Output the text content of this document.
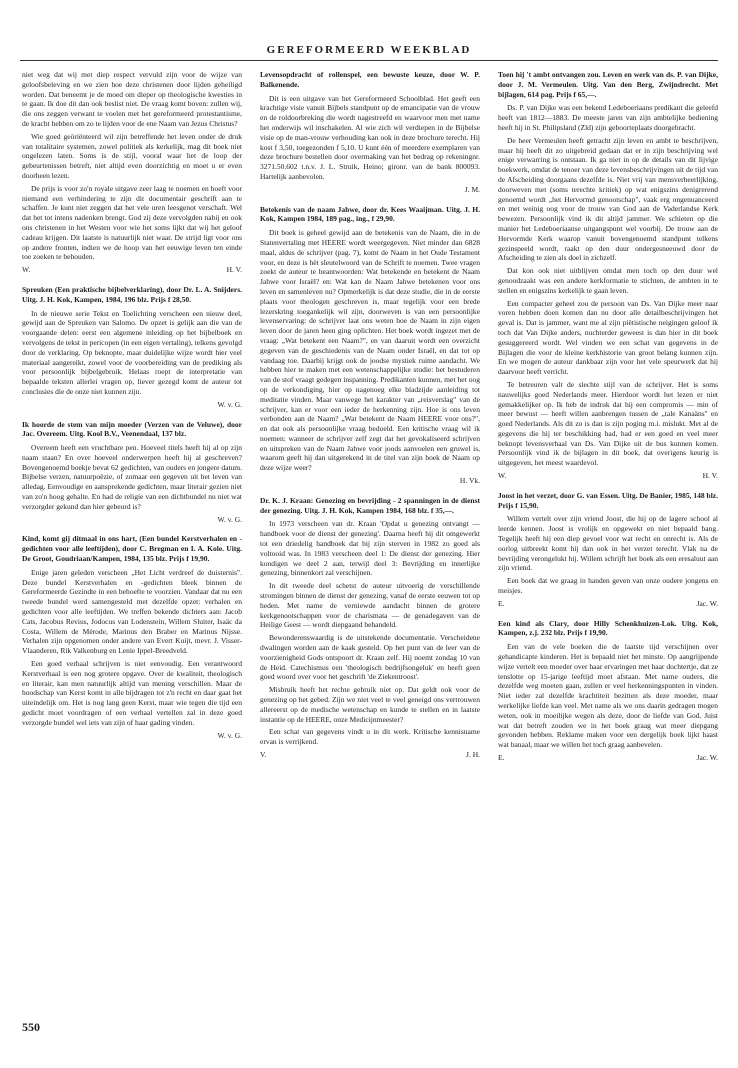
GEREFORMEERD WEEKBLAD

niet weg dat wij met diep respect vervuld zijn voor de wijze van geloofsbeleving en we zien hoe deze christenen door lijden geheiligd worden. Dat beneemt je de moed om dieper op theologische kwesties in te gaan. Ik doe dit dan ook beslist niet. De vraag komt boven: zullen wij, die ons zeggen verwant te voelen met het gereformeerd protestantisme, de kracht hebben om zo te lijden voor de ene Naam van Jezus Christus?

Wie goed geöriënteerd wil zijn betreffende het leven onder de druk van totalitaire systemen, zowel politiek als kerkelijk, mag dit boek niet ongelezen laten. Soms is de stijl, vooral waar het de loop der gebeurtenissen betreft, niet altijd even doorzichtig en moet u er even doorheen lezen.

De prijs is voor zo'n royale uitgave zeer laag te noemen en hoeft voor niemand een verhindering te zijn dit documentair geschrift aan te schaffen. Je kunt niet zeggen dat het vele uren leesgenot verschaft. Wel dat het tot intens nadenken brengt. God zij deze vervolgden nabij en ook ons christenen in het Westen voor wie het soms lijkt dat wij het geloof cadeau krijgen. Dit laatste is natuurlijk niet waar. De strijd ligt voor ons op andere fronten, indien we de hoop van het eeuwige leven ten einde toe zoeken te behouden.

W.	H. V.

Spreuken (Een praktische bijbelverklaring), door Dr. L. A. Snijders. Uitg. J. H. Kok, Kampen, 1984, 196 blz. Prijs f 28,50.

In de nieuwe serie Tekst en Toelichting verscheen een nieuw deel, gewijd aan de Spreuken van Salomo. De opzet is gelijk aan die van de voorgaande delen: eerst een algemene inleiding op het bijbelboek en vervolgens de tekst in pericopen (in een eigen vertaling), telkens gevolgd door de verklaring. Op beknopte, maar duidelijke wijze wordt hier veel materiaal aangereikt, zowel voor de voorbereiding van de prediking als voor persoonlijk bijbelgebruik. Helaas roept de interpretatie van bepaalde teksten allerlei vragen op, liever gezegd komt de auteur tot conclusies die de onze niet kunnen zijn.

W. v. G.

Ik hoorde de stem van mijn moeder (Verzen van de Veluwe), door Jac. Overeem. Uitg. Kool B.V., Veenendaal, 137 blz.

Overeem heeft een vruchtbare pen. Hoeveel titels heeft hij al op zijn naam staan? En over hoeveel onderwerpen heeft hij al geschreven? Bovengenoemd boekje bevat 62 gedichten, van ouders en jongere datum. Bijbelse verzen, natuurpoëzie, of zomaar een gegeven uit het leven van alledag. Eenvoudige en aansprekende gedichten, maar literair gezien niet van zo'n hoog gehalte. En had de religie van een dichtbundel nu niet wat verzorgder gekund dan hier gebeurd is?

W. v. G.

Kind, komt gij ditmaal in ons hart, (Een bundel Kerstverhalen en -gedichten voor alle leeftijden), door C. Bregman en I. A. Kole. Uitg. De Groot, Goudriaan/Kampen, 1984, 135 blz. Prijs f 19,90.

Enige jaren geleden verscheen „Het Licht verdreef de duisternis". Deze bundel Kerstverhalen en -gedichten bleek binnen de Gereformeerde Gezindte in een behoefte te voorzien. Vandaar dat nu een tweede bundel werd samengesteld met dezelfde opzet: verhalen en gedichten voor alle leeftijden. We treffen bekende dichters aan: Jacob Cats, Jacobus Revius, Jodocus van Lodenstein, Willem Sluiter, Isaäc da Costa, Willem de Mérode, Marinus den Braber en Marinus Nijsse. Verhalen zijn opgenomen onder andere van Evert Kuijt, mevr. J. Visser-Vlaanderen, Rik Valkenburg en Lenie Ippel-Breedveld.

Een goed verhaal schrijven is niet eenvoudig. Een verantwoord Kerstverhaal is een nog grotere opgave. Over de kwaliteit, theologisch en literair, kan men natuurlijk altijd van mening verschillen. Maar de hoodschap van Kerst komt in alle bijdragen tot z'n recht en daar gaat het uiteindelijk om. Het is nog lang geen Kerst, maar wie tegen die tijd een gedicht moet voordragen of een verhaal vertellen zal in deze goed verzorgde bundel wel iets van zijn of haar gading vinden.

W. v. G.

Levensopdracht of rollenspel, een bewuste keuze, door W. P. Balkenende.

Dit is een uitgave van het Gereformeerd Schoolblad. Het geeft een krachtige visie vanuit Bijbels standpunt op de emancipatie van de vrouw en de roldoorbreking die wordt nagestreefd en waarvoor men met name het onderwijs wil inschakelen. Al wie zich wil verdiepen in de Bijbelse visie op de man-vrouw verhouding kan ook in deze brochure terecht. Hij kost f 3,50, toegezonden f 5,10. U kunt één of meerdere exemplaren van deze brochure bestellen door overmaking van het bedrag op rekeningnr. 3271.50.602 t.n.v. J. L. Struik, Heino; gironr. van de bank 800093. Hartelijk aanbevolen.

J. M.

Betekenis van de naam Jahwe, door dr. Kees Waaijman. Uitg. J. H. Kok, Kampen 1984, 189 pag., ing., f 29,90.

Dit boek is geheel gewijd aan de betekenis van de Naam, die in de Statenvertaling met HEERE wordt weergegeven. Niet minder dan 6828 maal, aldus de schrijver (pag. 7), komt de Naam in het Oude Testament voor, en deze is hèt sleutelwoord van de Schrift te noemen. Twee vragen zoekt de auteur te beantwoorden: Wat betekende en betekent de Naam Jahwe voor Israël? en: Wat kan de Naam Jahwe betekenen voor ons leven en samenleven nu? Opmerkelijk is dat deze studie, die in de eerste plaats voor theologen geschreven is, maar tegelijk voor een brede lezerskring toegankelijk wil zijn, doorweven is van een persoonlijke levenservaring: de schrijver laat ons weten hoe de Naam in zijn eigen leven door de jaren heen ging oplichten. Het boek wordt ingezet met de vraag: „Wat betekent een Naam?", en van daaruit wordt een overzicht gegeven van de geschiedenis van de Naam onder Israël, en dat tot op vandaag toe. Daarbij krijgt ook de joodse mystiek ruime aandacht. We hebben hier te maken met een wetenschappelijke studie: het bestuderen van de stof vraagt gedegen inspanning. Predikanten kunnen, met het oog op de verkondiging, hier op nagenoeg elke bladzijde aanleiding tot meditatie vinden. Maar vanwege het karakter van „reisverslag" van de schrijver, kan er voor een ieder de herkenning zijn. Hoe is ons leven verbonden aan de Naam? „Wat betekent de Naam HEERE voor ons?", en dat ook als persoonlijke vraag bedoeld. Een kritische vraag wil ik noemen: wanneer de schrijver zelf zegt dat het gevokaliseerd schrijven en uitspreken van de Naam Jahwe voor joods aanvoelen een gruwel is, waarom geeft hij dan uitgerekend in de titel van zijn boek de Naam op deze wijze weer?

H. Vk.

Dr. K. J. Kraan: Genezing en bevrijding - 2 spanningen in de dienst der genezing. Uitg. J. H. Kok, Kampen 1984, 168 blz. f 35,—.

In 1973 verscheen van dr. Kraan 'Opdat u genezing ontvangt — handboek voor de dienst der genezing'. Daarna heeft hij dit omgewerkt tot een driedelig handboek dat bij zijn sterven in 1982 zo goed als voltooid was. In 1983 verscheen deel 1: De dienst der genezing. Hier kondigen we deel 2 aan, terwijl deel 3: Bevrijding en innerlijke genezing, binnenkort zal verschijnen.

In dit tweede deel schetst de auteur uitvoerig de verschillende stromingen binnen de dienst der genezing, vanaf de eerste eeuwen tot op heden. Met name de verniewde aandacht binnen de grotere kerkgenootschappen voor de charismata — de genadegaven van de Heilige Geest — wordt diepgaand behandeld.

Bewonderenswaardig is de uitstekende documentatie. Verscheidene dwalingen worden aan de kaak gesteld. Op het punt van de leer van de voorzienigheid Gods ontspoort dr. Kraan zelf. Hij noemt zondag 10 van de Heid. Catechismus een 'theologisch bedrijfsongeluk' en heeft geen goed woord over voor het geschrift 'de Ziekentroost'.

Misbruik heeft het rechte gebruik niet op. Dat geldt ook voor de genezing op het gebed. Zijn we niet veel te veel geneigd ons vertrouwen allereerst op de medische wetenschap en kunde te stellen en in laatste instantie op de HEERE, onze Medicijnmeester?

Een schat van gegevens vindt u in dit werk. Kritische kennisname ervan is verrijkend.

V.	J. H.

Toen hij 't ambt ontvangen zou. Leven en werk van ds. P. van Dijke, door J. M. Vermeulen. Uitg. Van den Berg, Zwijndrecht. Met bijlagen, 614 pag. Prijs f 65,—.

Ds. P. van Dijke was een bekend Ledeboeriaans predikant die geleefd heeft van 1812—1883. De meeste jaren van zijn ambtelijke bediening heeft hij in St. Philipsland (Zld) zijn geboorteplaats doorgebracht.

De heer Vermeulen heeft getracht zijn leven en ambt te beschrijven, maar hij heeft dit zo uitgebreid gedaan dat er in zijn beschrijving wel enige verwarring is ontstaan. Ik ga niet in op de details van dit lijvige boekwerk, omdat de tenoer van deze levensbeschrijvingen uit de tijd van de Afscheiding doorgaans dezelfde is. Niet vrij van mensverheerlijking, doorweven met (soms terechte kritiek) op wat enigszins denigrerend genoemd wordt „het Hervormd genootschap", vaak erg ongenuanceerd en met weinig oog voor de trouw van God aan de Vaderlandse Kerk bewezen. Persoonlijk vind ik dit altijd jammer. We schieten op die manier het Ledeboeriaanse uitgangspunt wel voorbij. De trouw aan de Hervormde Kerk waarop vanuit bovengenoemd standpunt telkens gezinspeeld wordt, raakt op den duur ondergesneeuwd door de Afscheiding te zien als doel in zichzelf.

Dat kon ook niet uitblijven omdat men toch op den duur wel genoodzaakt was een andere kerkformatie te stichten, de ambten in te stellen en enigszins kerkelijk te gaan leven.

Een compacter geheel zou de persoon van Ds. Van Dijke meer naar voren hebben doen komen dan nu door alle detailbeschrijvingen het geval is. Dat is jammer, want me al zijn piëtistische neigingen geloof ik toch dat Van Dijke anders, nuchterder geweest is dan hier in dit boek gesuggereerd wordt. Wel vinden we een schat van gegevens in de Bijlagen die voor de kleine kerkhistorie van groot belang kunnen zijn. En we mogen de auteur dankbaar zijn voor het vele speurwerk dat hij daarvoor heeft verricht.

Te betreuren valt de slechte stijl van de schrijver. Het is soms nauwelijks goed Nederlands meer. Hierdoor wordt het lezen er niet gemakkelijker op. Ik heb de indruk dat hij een compromis — min of meer bewust — heeft willen aanbrengen tussen de „tale Kanaäns" en goed Nederlands. Als dit zo is dan is zijn poging m.i. mislukt. Met al de gegevens die hij ter beschikking had, had er een goed en veel meer beknopt levensverhaal van Ds. Van Dijke uit de bus kunnen komen. Persoonlijk vind ik de bijlagen in dit boek, dat overigens keurig is uitgegeven, het meest waardevol.

W.	H. V.

Joost in het verzet, door G. van Essen. Uitg. De Banier, 1985, 148 blz. Prijs f 15,90.

Willem vertelt over zijn vriend Joost, die hij op de lagere school al leerde kennen. Joost is vrolijk en opgewekt en niet bepaald bang. Tegelijk heeft hij een diep gevoel voor wat recht en onrecht is. Als de oorlog uitbreekt komt hij dan ook in het verzet terecht. Vlak na de bevrijding verongelukt hij. Willem schrijft het boek als een eresaluut aan zijn vriend.

Een boek dat we graag in handen geven van onze oudere jongens en meisjes.

E.	Jac. W.

Een kind als Clary, door Hilly Schenkhuizen-Lok. Uitg. Kok, Kampen, z.j. 232 blz. Prijs f 19,90.

Een van de vele boeken die de laatste tijd verschijnen over gehandicapte kinderen. Het is bepaald niet het minste. Op aangrijpende wijze vertelt een moeder over haar ervaringen met haar dochtertje, dat ze tenslotte op 15-jarige leeftijd moet afstaan. Met name ouders, die dezelfde weg moeten gaan, zullen er veel herkenningspunten in vinden. Niet ieder zal dezelfde krachtiteit bezitten als deze moeder, maar werkelijke liefde kan veel. Met name als we ons daarin gedragen mogen weten, ook in moeilijke wegen als deze, door de liefde van God. Juist wat dat betreft zouden we in het boek graag wat meer diepgang gevonden hebben. Reklame maken voor een dergelijk boek lijkt haast wat banaal, maar we willen het toch graag aanbevelen.

E.	Jac. W.
550
